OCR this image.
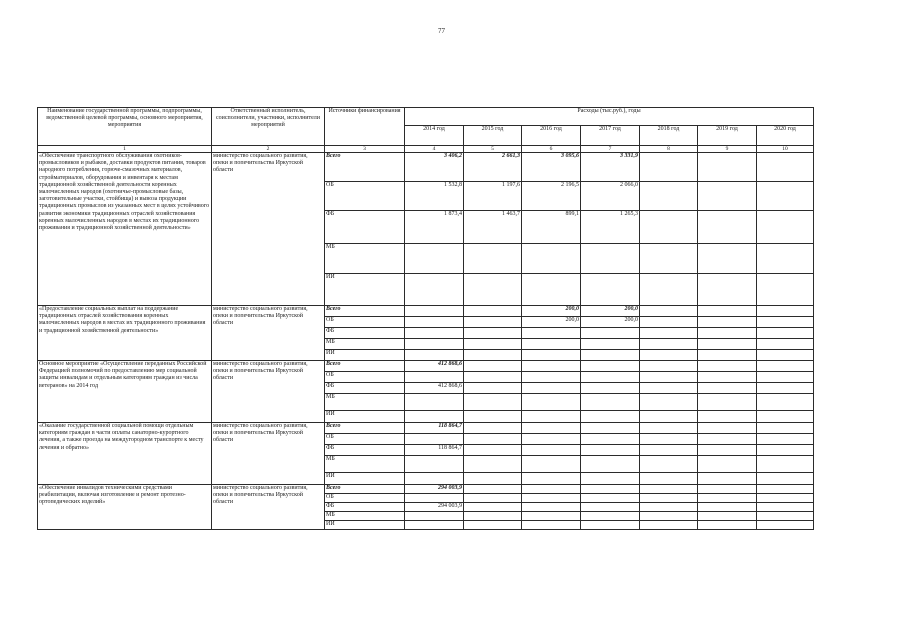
77
Наименование государственной программы, подпрограммы, ведомственной целевой программы, основного мероприятия, мероприятия	Ответственный исполнитель, соисполнители, участники, исполнители мероприятий	Источники финансирования	Расходы (тыс.руб.), годы						
			2014 год	2015 год	2016 год	2017 год	2018 год	2019 год	2020 год
1	2	3	4	5	6	7	8	9	10
«Обеспечение транспортного обслуживания охотников-промысловиков и рыбаков, доставки продуктов питания, товаров народного потребления, горюче-смазочных материалов, стройматериалов, оборудования и инвентаря к местам традиционной хозяйственной деятельности коренных малочисленных народов (охотничье-промысловые базы, заготовительные участки, стойбища) и вывоза продукции традиционных промыслов из указанных мест в целях устойчивого развития экономики традиционных отраслей хозяйствования коренных малочисленных народов в местах их традиционного проживания и традиционной хозяйственной деятельности»	министерство социального развития, опеки и попечительства Иркутской области	Всего	3 406,2	2 661,3	3 095,6	3 331,9			
		ОБ	1 532,8	1 197,6	2 196,5	2 066,0			
		ФБ	1 873,4	1 463,7	899,1	1 265,3			
		МБ							
		ИИ							
«Предоставление социальных выплат на поддержание традиционных отраслей хозяйствования коренных малочисленных народов в местах их традиционного проживания и традиционной хозяйственной деятельности»	министерство социального развития, опеки и попечительства Иркутской области	Всего			200,0	200,0			
		ОБ			200,0	200,0			
		ФБ							
		МБ							
		ИИ							
Основное мероприятие «Осуществление переданных Российской Федерацией полномочий по предоставлению мер социальной защиты инвалидам и отдельным категориям граждан из числа ветеранов» на 2014 год	министерство социального развития, опеки и попечительства Иркутской области	Всего	412 868,6						
		ОБ							
		ФБ	412 868,6						
		МБ							
		ИИ							
«Оказание государственной социальной помощи отдельным категориям граждан в части оплаты санаторно-курортного лечения, а также проезда на междугородном транспорте к месту лечения и обратно»	министерство социального развития, опеки и попечительства Иркутской области	Всего	118 864,7						
		ОБ							
		ФБ	118 864,7						
		МБ							
		ИИ							
«Обеспечение инвалидов техническими средствами реабилитации, включая изготовление и ремонт протезно-ортопедических изделий»	министерство социального развития, опеки и попечительства Иркутской области	Всего	294 003,9						
		ОБ							
		ФБ	294 003,9						
		МБ							
		ИИ							
